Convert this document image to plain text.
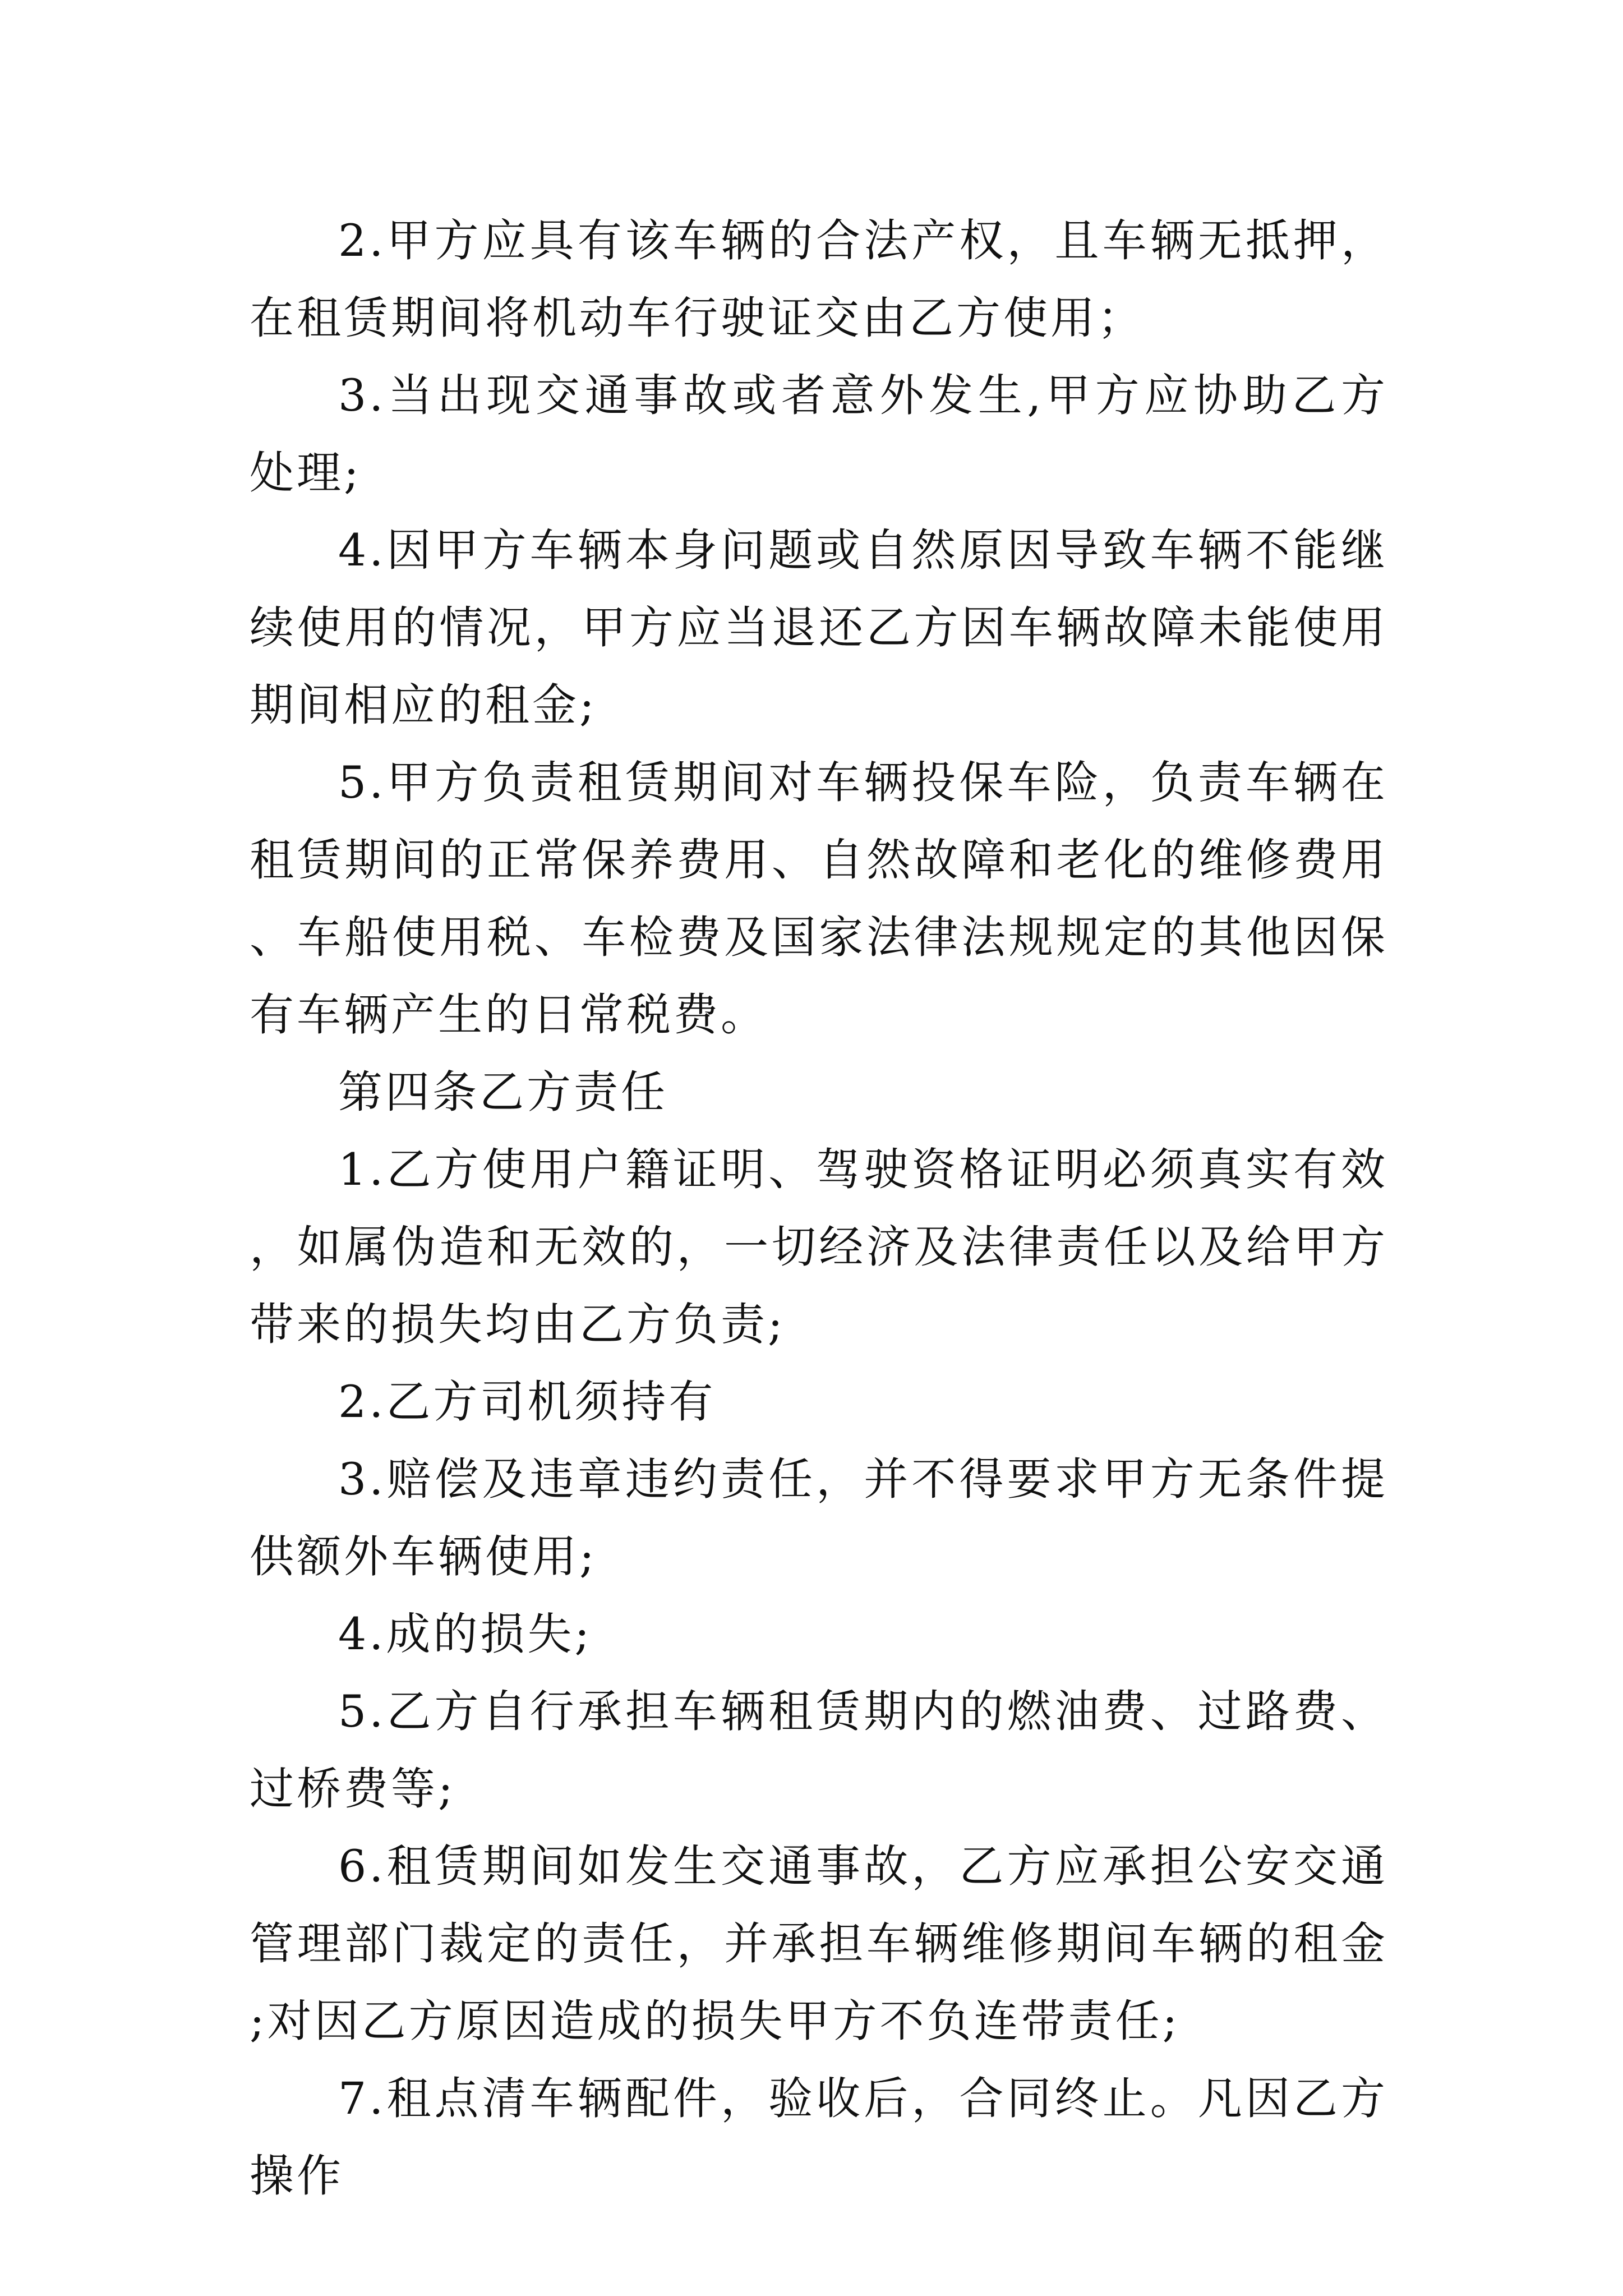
2.甲方应具有该车辆的合法产权，且车辆无抵押，在租赁期间将机动车行驶证交由乙方使用；

3.当出现交通事故或者意外发生,甲方应协助乙方处理;

4.因甲方车辆本身问题或自然原因导致车辆不能继续使用的情况，甲方应当退还乙方因车辆故障未能使用期间相应的租金;

5.甲方负责租赁期间对车辆投保车险，负责车辆在租赁期间的正常保养费用、自然故障和老化的维修费用、车船使用税、车检费及国家法律法规规定的其他因保有车辆产生的日常税费。

第四条乙方责任

1.乙方使用户籍证明、驾驶资格证明必须真实有效，如属伪造和无效的，一切经济及法律责任以及给甲方带来的损失均由乙方负责;

2.乙方司机须持有

3.赔偿及违章违约责任，并不得要求甲方无条件提供额外车辆使用;

4.成的损失;

5.乙方自行承担车辆租赁期内的燃油费、过路费、过桥费等;

6.租赁期间如发生交通事故，乙方应承担公安交通管理部门裁定的责任，并承担车辆维修期间车辆的租金;对因乙方原因造成的损失甲方不负连带责任;

7.租点清车辆配件，验收后，合同终止。凡因乙方操作
